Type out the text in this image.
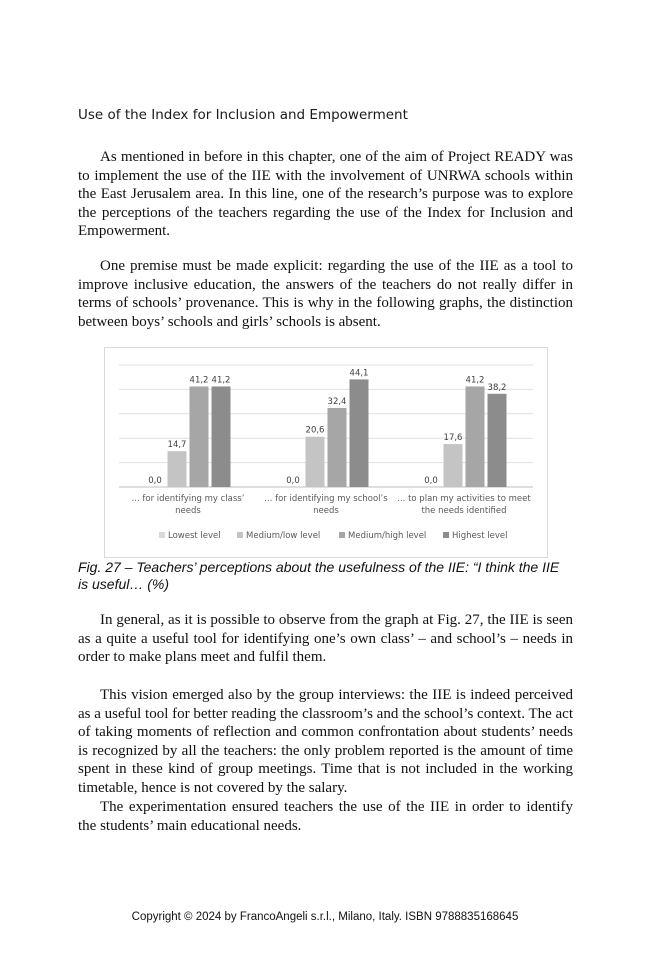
Use of the Index for Inclusion and Empowerment

As mentioned in before in this chapter, one of the aim of Project READY was to implement the use of the IIE with the involvement of UNRWA schools within the East Jerusalem area. In this line, one of the research’s purpose was to explore the perceptions of the teachers regarding the use of the Index for Inclusion and Empowerment.

One premise must be made explicit: regarding the use of the IIE as a tool to improve inclusive education, the answers of the teachers do not really differ in terms of schools’ provenance. This is why in the following graphs, the distinction between boys’ schools and girls’ schools is absent.

0,0
14,7
41,2 41,2
... for identifying my class’
needs
0,0
20,6
32,4
44,1
... for identifying my school’s
needs
0,0
17,6
41,2
38,2
... to plan my activities to meet
the needs identified
Lowest level	Medium/low level	Medium/high level	Highest level
Fig. 27 – Teachers’ perceptions about the usefulness of the IIE: “I think the IIE is useful… (%)

In general, as it is possible to observe from the graph at Fig. 27, the IIE is seen as a quite a useful tool for identifying one’s own class’ – and school’s – needs in order to make plans meet and fulfil them.

This vision emerged also by the group interviews: the IIE is indeed perceived as a useful tool for better reading the classroom’s and the school’s context. The act of taking moments of reflection and common confrontation about students’ needs is recognized by all the teachers: the only problem reported is the amount of time spent in these kind of group meetings. Time that is not included in the working timetable, hence is not covered by the salary.

The experimentation ensured teachers the use of the IIE in order to identify the students’ main educational needs.

Copyright © 2024 by FrancoAngeli s.r.l., Milano, Italy. ISBN 9788835168645
